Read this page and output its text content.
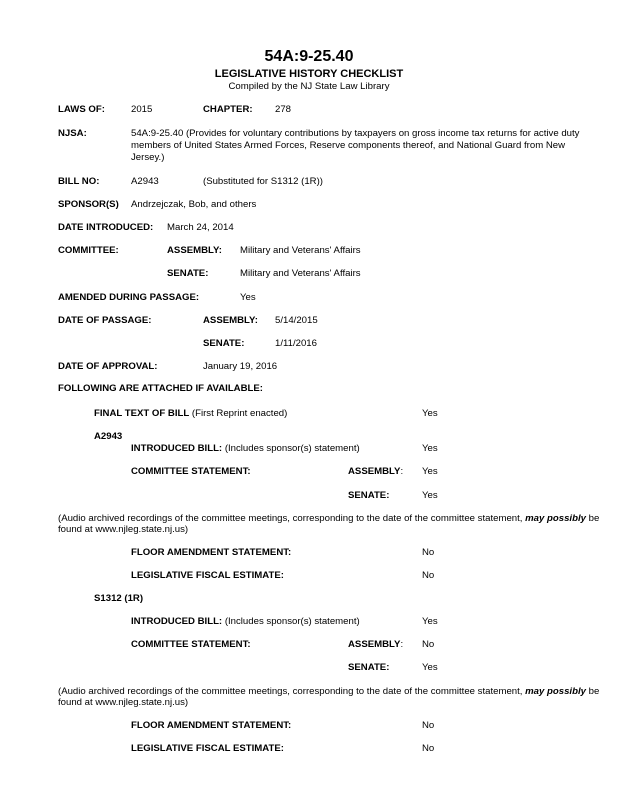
54A:9-25.40
LEGISLATIVE HISTORY CHECKLIST
Compiled by the NJ State Law Library
LAWS OF:	2015	CHAPTER: 278
NJSA:	54A:9-25.40 (Provides for voluntary contributions by taxpayers on gross income tax returns for active duty members of United States Armed Forces, Reserve components thereof, and National Guard from New Jersey.)
BILL NO:	A2943	(Substituted for S1312 (1R))
SPONSOR(S) Andrzejczak, Bob, and others
DATE INTRODUCED: March 24, 2014
COMMITTEE:	ASSEMBLY: Military and Veterans' Affairs
SENATE:	Military and Veterans' Affairs
AMENDED DURING PASSAGE:	Yes
DATE OF PASSAGE:	ASSEMBLY: 5/14/2015
SENATE:	1/11/2016
DATE OF APPROVAL:	January 19, 2016
FOLLOWING ARE ATTACHED IF AVAILABLE:
FINAL TEXT OF BILL (First Reprint enacted)	Yes
A2943
INTRODUCED BILL: (Includes sponsor(s) statement)	Yes
COMMITTEE STATEMENT:	ASSEMBLY: Yes
SENATE:	Yes
(Audio archived recordings of the committee meetings, corresponding to the date of the committee statement, may possibly be found at www.njleg.state.nj.us)
FLOOR AMENDMENT STATEMENT:	No
LEGISLATIVE FISCAL ESTIMATE:	No
S1312 (1R)
INTRODUCED BILL: (Includes sponsor(s) statement)	Yes
COMMITTEE STATEMENT:	ASSEMBLY: No
SENATE:	Yes
(Audio archived recordings of the committee meetings, corresponding to the date of the committee statement, may possibly be found at www.njleg.state.nj.us)
FLOOR AMENDMENT STATEMENT:	No
LEGISLATIVE FISCAL ESTIMATE:	No
